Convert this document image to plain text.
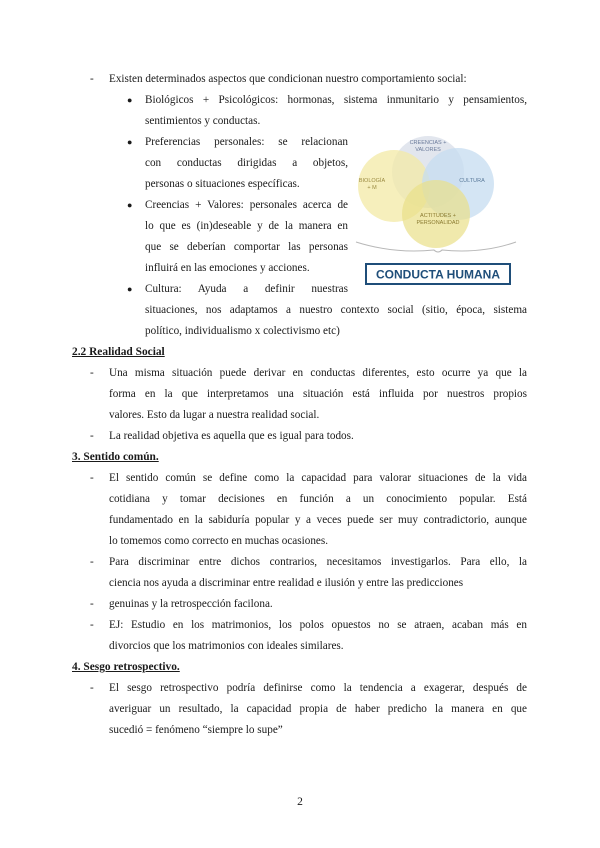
- Existen determinados aspectos que condicionan nuestro comportamiento social:
● Biológicos + Psicológicos: hormonas, sistema inmunitario y pensamientos,
sentimientos y conductas.
● Preferencias personales: se relacionan
con conductas dirigidas a objetos,
personas o situaciones específicas.
● Creencias + Valores: personales acerca de
lo que es (in)deseable y de la manera en
que se deberían comportar las personas
influirá en las emociones y acciones.
● Cultura: Ayuda a definir nuestras
situaciones, nos adaptamos a nuestro contexto social (sitio, época, sistema
político, individualismo x colectivismo etc)
CREENCIAS +
VALORES
BIOLOGÍA
+ M
CULTURA
ACTITUDES +
PERSONALIDAD
CONDUCTA HUMANA
2.2 Realidad Social
- Una misma situación puede derivar en conductas diferentes, esto ocurre ya que la
forma en la que interpretamos una situación está influida por nuestros propios
valores. Esto da lugar a nuestra realidad social.
- La realidad objetiva es aquella que es igual para todos.
3. Sentido común.
- El sentido común se define como la capacidad para valorar situaciones de la vida
cotidiana y tomar decisiones en función a un conocimiento popular. Está
fundamentado en la sabiduría popular y a veces puede ser muy contradictorio, aunque
lo tomemos como correcto en muchas ocasiones.
- Para discriminar entre dichos contrarios, necesitamos investigarlos. Para ello, la
ciencia nos ayuda a discriminar entre realidad e ilusión y entre las predicciones
- genuinas y la retrospección facilona.
- EJ: Estudio en los matrimonios, los polos opuestos no se atraen, acaban más en
divorcios que los matrimonios con ideales similares.
4. Sesgo retrospectivo.
- El sesgo retrospectivo podría definirse como la tendencia a exagerar, después de
averiguar un resultado, la capacidad propia de haber predicho la manera en que
sucedió = fenómeno “siempre lo supe”
2
